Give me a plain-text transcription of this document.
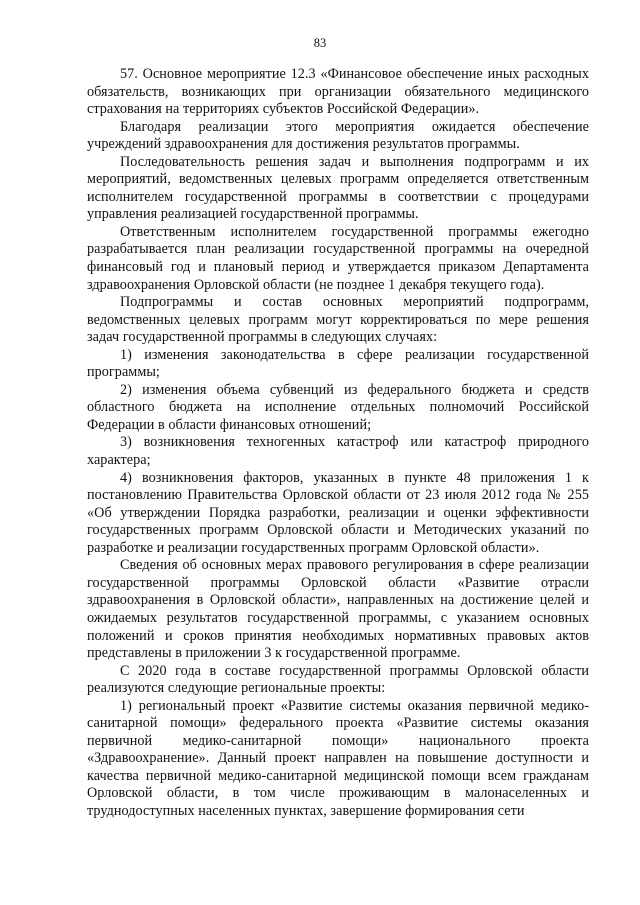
83

57. Основное мероприятие 12.3 «Финансовое обеспечение иных расходных обязательств, возникающих при организации обязательного медицинского страхования на территориях субъектов Российской Федерации».

Благодаря реализации этого мероприятия ожидается обеспечение учреждений здравоохранения для достижения результатов программы.

Последовательность решения задач и выполнения подпрограмм и их мероприятий, ведомственных целевых программ определяется ответственным исполнителем государственной программы в соответствии с процедурами управления реализацией государственной программы.

Ответственным исполнителем государственной программы ежегодно разрабатывается план реализации государственной программы на очередной финансовый год и плановый период и утверждается приказом Департамента здравоохранения Орловской области (не позднее 1 декабря текущего года).

Подпрограммы и состав основных мероприятий подпрограмм, ведомственных целевых программ могут корректироваться по мере решения задач государственной программы в следующих случаях:

1) изменения законодательства в сфере реализации государственной программы;

2) изменения объема субвенций из федерального бюджета и средств областного бюджета на исполнение отдельных полномочий Российской Федерации в области финансовых отношений;

3) возникновения техногенных катастроф или катастроф природного характера;

4) возникновения факторов, указанных в пункте 48 приложения 1 к постановлению Правительства Орловской области от 23 июля 2012 года № 255 «Об утверждении Порядка разработки, реализации и оценки эффективности государственных программ Орловской области и Методических указаний по разработке и реализации государственных программ Орловской области».

Сведения об основных мерах правового регулирования в сфере реализации государственной программы Орловской области «Развитие отрасли здравоохранения в Орловской области», направленных на достижение целей и ожидаемых результатов государственной программы, с указанием основных положений и сроков принятия необходимых нормативных правовых актов представлены в приложении 3 к государственной программе.

С 2020 года в составе государственной программы Орловской области реализуются следующие региональные проекты:

1) региональный проект «Развитие системы оказания первичной медико-санитарной помощи» федерального проекта «Развитие системы оказания первичной медико-санитарной помощи» национального проекта «Здравоохранение». Данный проект направлен на повышение доступности и качества первичной медико-санитарной медицинской помощи всем гражданам Орловской области, в том числе проживающим в малонаселенных и труднодоступных населенных пунктах, завершение формирования сети
